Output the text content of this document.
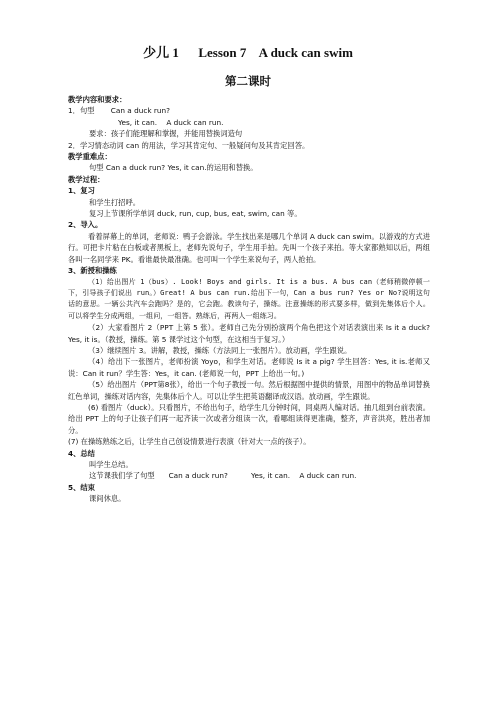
少儿 1      Lesson 7    A duck can swim
第二课时
教学内容和要求：
1．句型       Can a duck run?
Yes, it can.    A duck can run.
要求：孩子们能理解和掌握，并能用替换词造句
2．学习情态动词 can 的用法，学习其肯定句、一般疑问句及其肯定回答。
教学重难点：
句型 Can a duck run? Yes, it can.的运用和替换。
教学过程：
1、复习
和学生打招呼。
复习上节课所学单词 duck, run, cup, bus, eat, swim, can 等。
2、导入。

看着屏幕上的单词，老师说：鸭子会游泳。学生找出来是哪几个单词 A duck can swim。以游戏的方式进行。可把卡片粘在白板或者黑板上，老师先说句子，学生用手拍。先叫一个孩子来拍。等大家都熟知以后，两组各叫一名同学来 PK。看谁最快最准确。也可叫一个学生来说句子，两人抢拍。

3、新授和操练

（1）给出图片 1（bus）. Look! Boys and girls. It is a bus. A bus can（老师稍微停顿一下，引导孩子们说出 run。）Great! A bus can run.给出下一句，Can a bus run? Yes or No?说明这句话的意思。一辆公共汽车会跑吗？是的，它会跑。教读句子，操练。注意操练的形式要多样，做到先集体后个人。可以将学生分成两组，一组问，一组答。熟练后，再两人一组练习。

（2）大家看图片 2（PPT 上第 5 张）。老师自己先分别扮演两个角色把这个对话表演出来 Is it a duck? Yes, it is。（教授，操练。第 5 课学过这个句型，在这相当于复习。）

（3）继续图片 3。讲解，教授，操练（方法同上一张图片）。放动画，学生跟说。

（4）给出下一张图片，老师扮演 Yoyo，和学生对话。老师说 Is it a pig? 学生回答：Yes, it is.老师又说：Can it run？学生答：Yes，it can. (老师说一句，PPT 上给出一句。)

（5）给出图片（PPT第8张），给出一个句子教授一句。然后根据图中提供的情景，用图中的物品单词替换红色单词，操练对话内容，先集体后个人。可以让学生把英语翻译成汉语。放动画，学生跟说。

(6) 看图片（duck）。只看图片，不给出句子，给学生几分钟时间，同桌两人编对话。抽几组到台前表演。给出 PPT 上的句子让孩子们再一起齐读一次或者分组读一次，看哪组读得更准确，整齐，声音洪亮，胜出者加分。

(7) 在操练熟练之后，让学生自己创设情景进行表演（针对大一点的孩子）。

4、总结
叫学生总结。
这节课我们学了句型      Can a duck run?          Yes, it can.    A duck can run.
5、结束
课间休息。
